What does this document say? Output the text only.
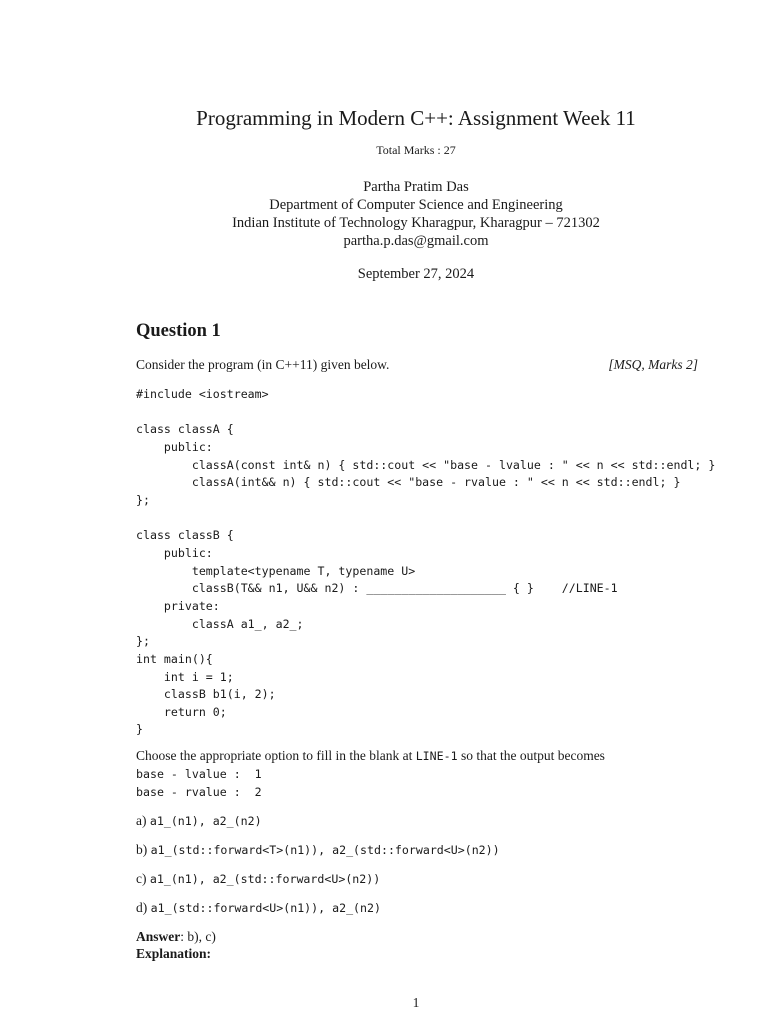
Programming in Modern C++: Assignment Week 11
Total Marks : 27
Partha Pratim Das
Department of Computer Science and Engineering
Indian Institute of Technology Kharagpur, Kharagpur – 721302
partha.p.das@gmail.com
September 27, 2024
Question 1
Consider the program (in C++11) given below.	[MSQ, Marks 2]
#include <iostream>

class classA {
public:
classA(const int& n) { std::cout << "base - lvalue : " << n << std::endl; }
classA(int&& n) { std::cout << "base - rvalue : " << n << std::endl; }
};

class classB {
public:
template<typename T, typename U>
classB(T&& n1, U&& n2) : ____________________ { }    //LINE-1
private:
classA a1_, a2_;
};
int main(){
int i = 1;
classB b1(i, 2);
return 0;
}
Choose the appropriate option to fill in the blank at LINE-1 so that the output becomes
base - lvalue :  1
base - rvalue :  2
a) a1_(n1), a2_(n2)
b) a1_(std::forward<T>(n1)), a2_(std::forward<U>(n2))
c) a1_(n1), a2_(std::forward<U>(n2))
d) a1_(std::forward<U>(n1)), a2_(n2)
Answer: b), c)
Explanation:
1
